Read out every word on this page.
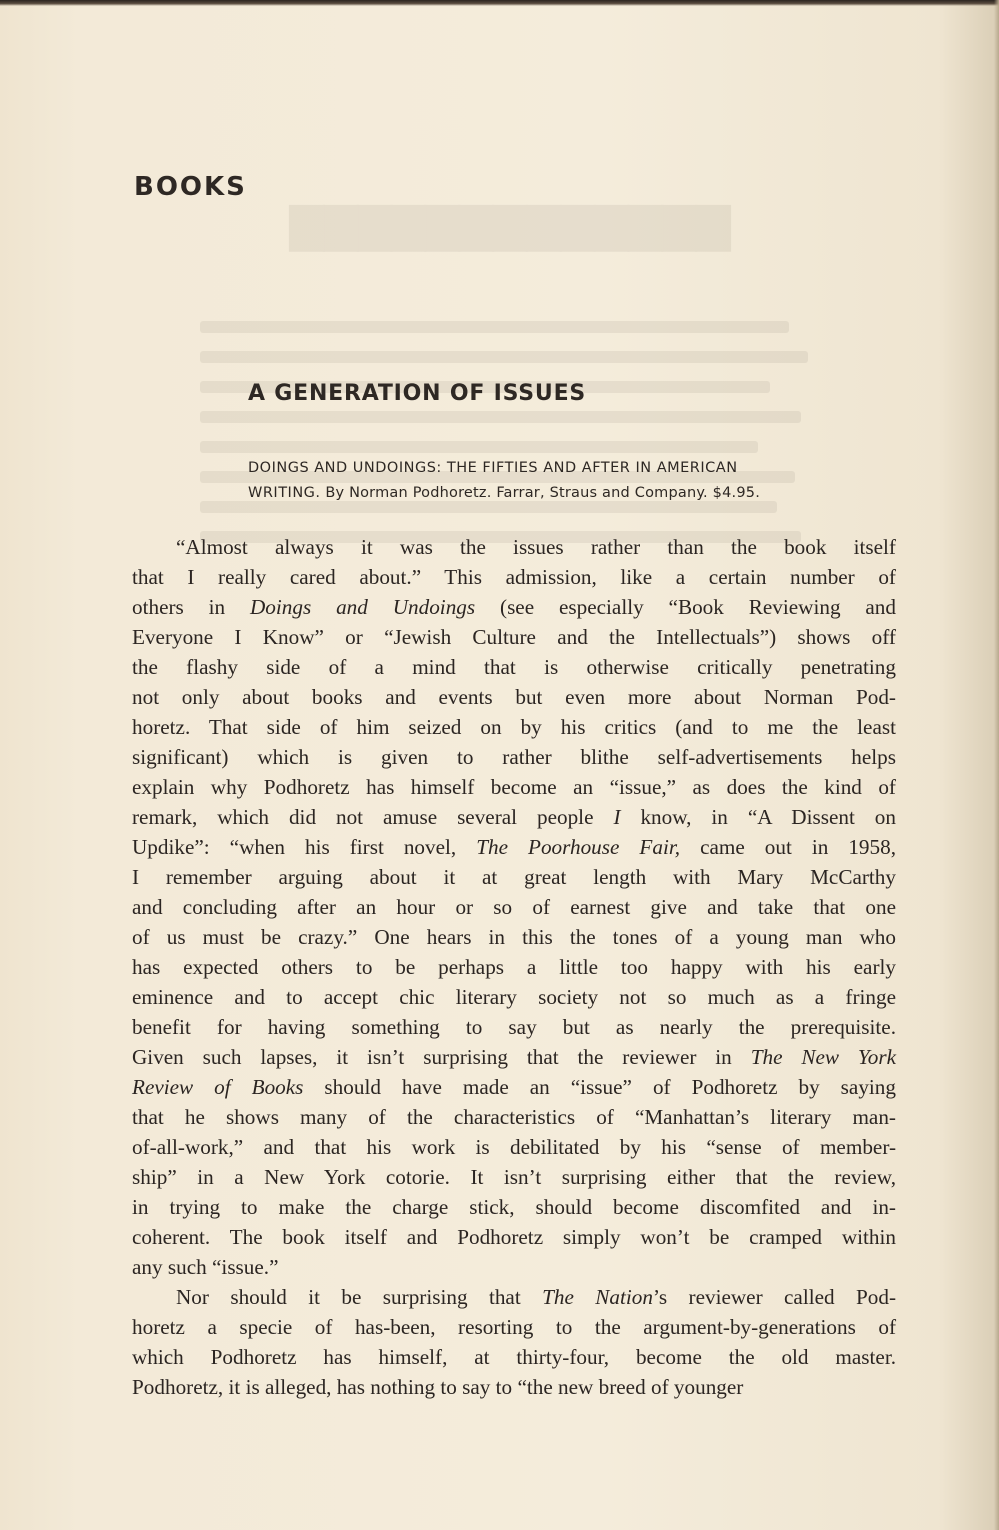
▇▇▇▇▇▇▇▇▇▇▇▇▇
BOOKS
A GENERATION OF ISSUES
DOINGS AND UNDOINGS: THE FIFTIES AND AFTER IN AMERICAN
WRITING. By Norman Podhoretz. Farrar, Straus and Company. $4.95.
“Almost always it was the issues rather than the book itself
that I really cared about.” This admission, like a certain number of
others in Doings and Undoings (see especially “Book Reviewing and
Everyone I Know” or “Jewish Culture and the Intellectuals”) shows off
the flashy side of a mind that is otherwise critically penetrating
not only about books and events but even more about Norman Pod-
horetz. That side of him seized on by his critics (and to me the least
significant) which is given to rather blithe self-advertisements helps
explain why Podhoretz has himself become an “issue,” as does the kind of
remark, which did not amuse several people I know, in “A Dissent on
Updike”: “when his first novel, The Poorhouse Fair, came out in 1958,
I remember arguing about it at great length with Mary McCarthy
and concluding after an hour or so of earnest give and take that one
of us must be crazy.” One hears in this the tones of a young man who
has expected others to be perhaps a little too happy with his early
eminence and to accept chic literary society not so much as a fringe
benefit for having something to say but as nearly the prerequisite.
Given such lapses, it isn’t surprising that the reviewer in The New York
Review of Books should have made an “issue” of Podhoretz by saying
that he shows many of the characteristics of “Manhattan’s literary man-
of-all-work,” and that his work is debilitated by his “sense of member-
ship” in a New York cotorie. It isn’t surprising either that the review,
in trying to make the charge stick, should become discomfited and in-
coherent. The book itself and Podhoretz simply won’t be cramped within
any such “issue.”
Nor should it be surprising that The Nation’s reviewer called Pod-
horetz a specie of has-been, resorting to the argument-by-generations of
which Podhoretz has himself, at thirty-four, become the old master.
Podhoretz, it is alleged, has nothing to say to “the new breed of younger
